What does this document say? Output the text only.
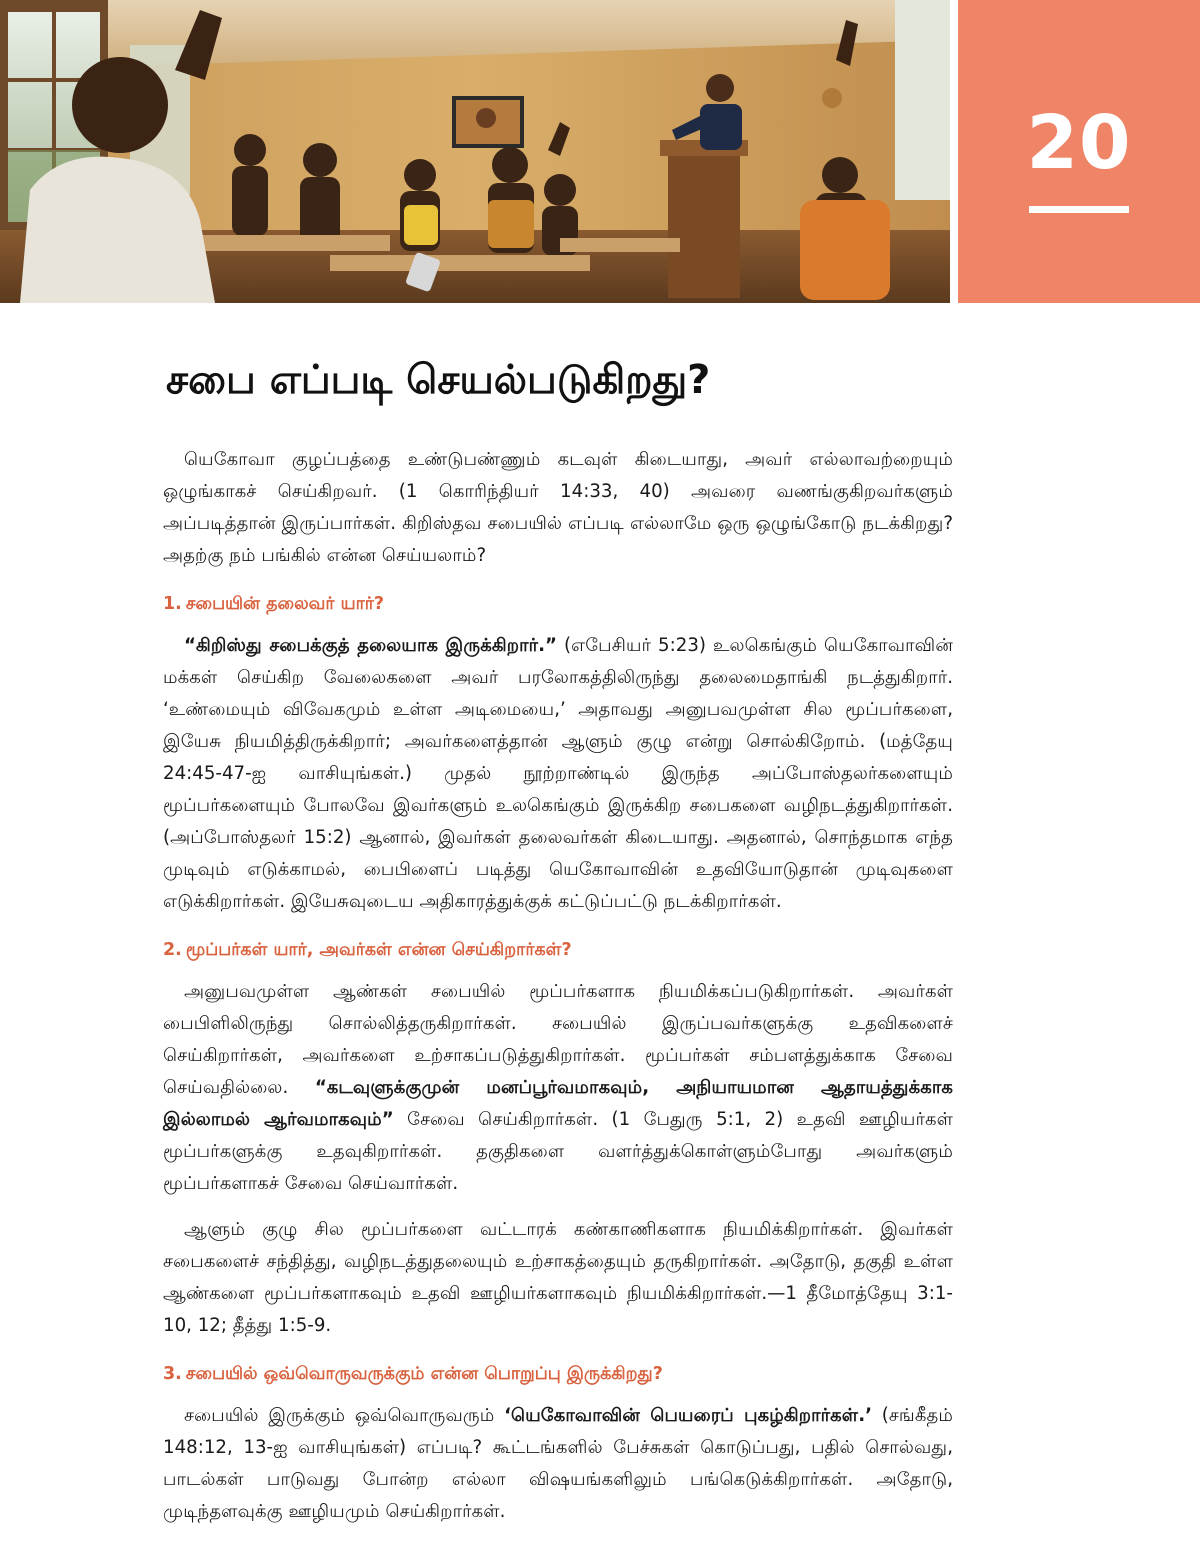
20
சபை எப்படி செயல்படுகிறது?

யெகோவா குழப்பத்தை உண்டுபண்ணும் கடவுள் கிடையாது, அவர் எல்லாவற்றையும் ஒழுங்காகச் செய்கிறவர். (1 கொரிந்தியர் 14:33, 40) அவரை வணங்குகிறவர்களும் அப்படித்தான் இருப்பார்கள். கிறிஸ்தவ சபையில் எப்படி எல்லாமே ஒரு ஒழுங்கோடு நடக்கிறது? அதற்கு நம் பங்கில் என்ன செய்யலாம்?

1. சபையின் தலைவர் யார்?

“கிறிஸ்து சபைக்குத் தலையாக இருக்கிறார்.” (எபேசியர் 5:23) உலகெங்கும் யெகோவாவின் மக்கள் செய்கிற வேலைகளை அவர் பரலோகத்திலிருந்து தலைமைதாங்கி நடத்துகிறார். ‘உண்மையும் விவேகமும் உள்ள அடிமையை,’ அதாவது அனுபவமுள்ள சில மூப்பர்களை, இயேசு நியமித்திருக்கிறார்; அவர்களைத்தான் ஆளும் குழு என்று சொல்கிறோம். (மத்தேயு 24:45-47-ஐ வாசியுங்கள்.) முதல் நூற்றாண்டில் இருந்த அப்போஸ்தலர்களையும் மூப்பர்களையும் போலவே இவர்களும் உலகெங்கும் இருக்கிற சபைகளை வழிநடத்துகிறார்கள். (அப்போஸ்தலர் 15:2) ஆனால், இவர்கள் தலைவர்கள் கிடையாது. அதனால், சொந்தமாக எந்த முடிவும் எடுக்காமல், பைபிளைப் படித்து யெகோவாவின் உதவியோடுதான் முடிவுகளை எடுக்கிறார்கள். இயேசுவுடைய அதிகாரத்துக்குக் கட்டுப்பட்டு நடக்கிறார்கள்.

2. மூப்பர்கள் யார், அவர்கள் என்ன செய்கிறார்கள்?

அனுபவமுள்ள ஆண்கள் சபையில் மூப்பர்களாக நியமிக்கப்படுகிறார்கள். அவர்கள் பைபிளிலிருந்து சொல்லித்தருகிறார்கள். சபையில் இருப்பவர்களுக்கு உதவிகளைச் செய்கிறார்கள், அவர்களை உற்சாகப்படுத்துகிறார்கள். மூப்பர்கள் சம்பளத்துக்காக சேவை செய்வதில்லை. “கடவுளுக்குமுன் மனப்பூர்வமாகவும், அநியாயமான ஆதாயத்துக்காக இல்லாமல் ஆர்வமாகவும்” சேவை செய்கிறார்கள். (1 பேதுரு 5:1, 2) உதவி ஊழியர்கள் மூப்பர்களுக்கு உதவுகிறார்கள். தகுதிகளை வளர்த்துக்கொள்ளும்போது அவர்களும் மூப்பர்களாகச் சேவை செய்வார்கள்.

ஆளும் குழு சில மூப்பர்களை வட்டாரக் கண்காணிகளாக நியமிக்கிறார்கள். இவர்கள் சபைகளைச் சந்தித்து, வழிநடத்துதலையும் உற்சாகத்தையும் தருகிறார்கள். அதோடு, தகுதி உள்ள ஆண்களை மூப்பர்களாகவும் உதவி ஊழியர்களாகவும் நியமிக்கிறார்கள்.—1 தீமோத்தேயு 3:1-10, 12; தீத்து 1:5-9.

3. சபையில் ஒவ்வொருவருக்கும் என்ன பொறுப்பு இருக்கிறது?

சபையில் இருக்கும் ஒவ்வொருவரும் ‘யெகோவாவின் பெயரைப் புகழ்கிறார்கள்.’ (சங்கீதம் 148:12, 13-ஐ வாசியுங்கள்) எப்படி? கூட்டங்களில் பேச்சுகள் கொடுப்பது, பதில் சொல்வது, பாடல்கள் பாடுவது போன்ற எல்லா விஷயங்களிலும் பங்கெடுக்கிறார்கள். அதோடு, முடிந்தளவுக்கு ஊழியமும் செய்கிறார்கள்.
